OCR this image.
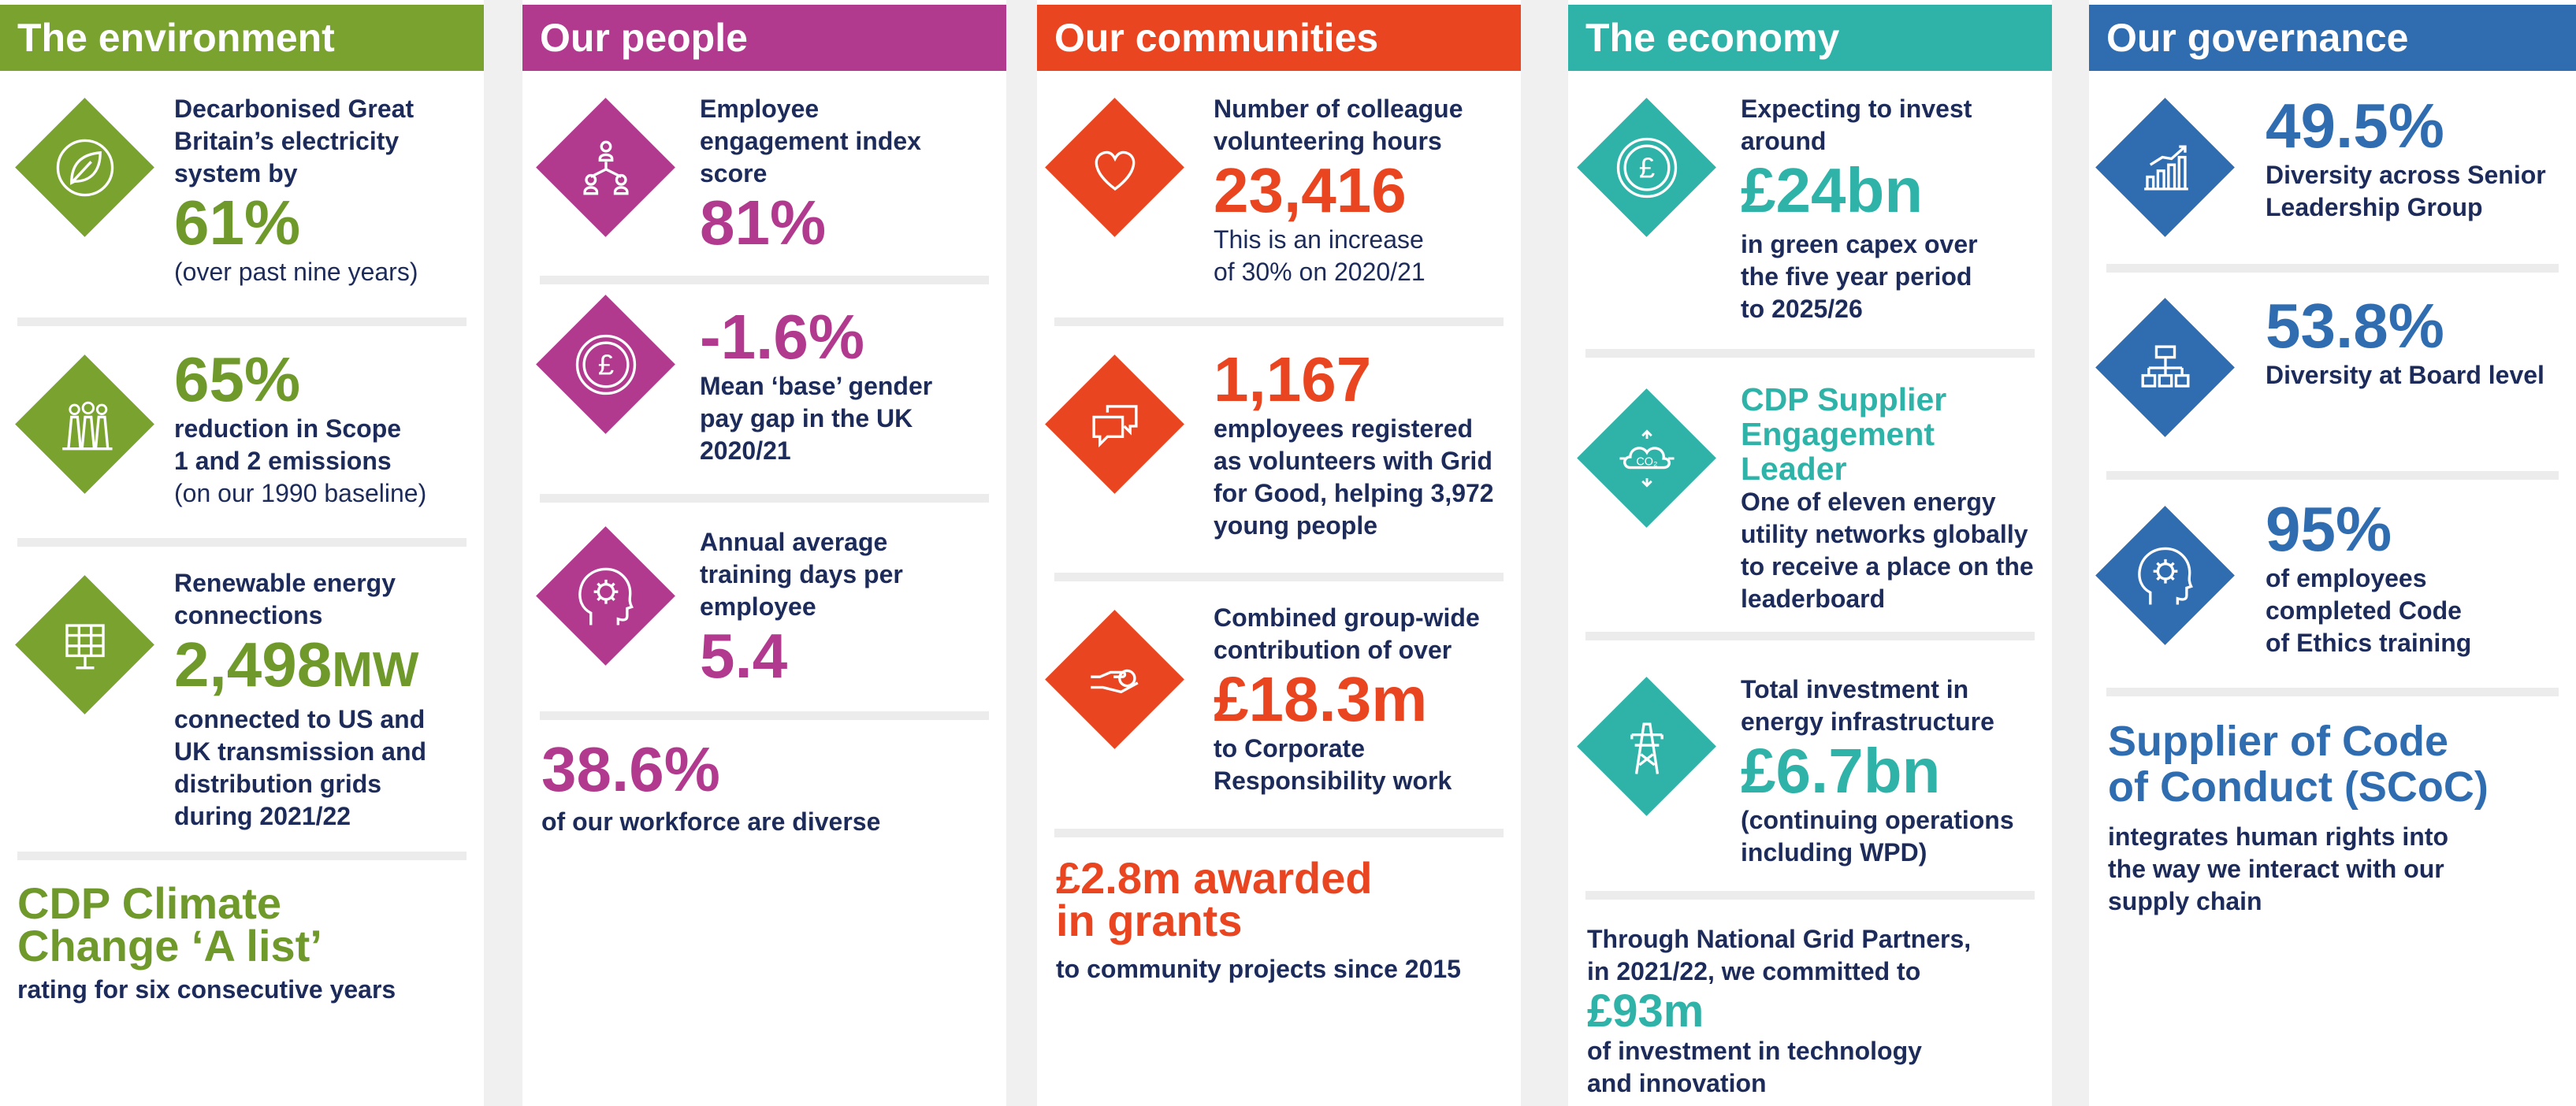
The environment
Decarbonised Great
Britain’s electricity
system by
61%
(over past nine years)
65%
reduction in Scope
1 and 2 emissions
(on our 1990 baseline)
Renewable energy
connections
2,498MW
connected to US and
UK transmission and
distribution grids
during 2021/22
CDP Climate
Change ‘A list’
rating for six consecutive years
Our people
Employee
engagement index
score
81%
-1.6%
Mean ‘base’ gender
pay gap in the UK
2020/21
Annual average
training days per
employee
5.4
38.6%
of our workforce are diverse
Our communities
Number of colleague
volunteering hours
23,416
This is an increase
of 30% on 2020/21
1,167
employees registered
as volunteers with Grid
for Good, helping 3,972
young people
Combined group-wide
contribution of over
£18.3m
to Corporate
Responsibility work
£2.8m awarded
in grants
to community projects since 2015
The economy
Expecting to invest
around
£24bn
in green capex over
the five year period
to 2025/26
CO₂
CDP Supplier
Engagement
Leader
One of eleven energy
utility networks globally
to receive a place on the
leaderboard
Total investment in
energy infrastructure
£6.7bn
(continuing operations
including WPD)
Through National Grid Partners,
in 2021/22, we committed to
£93m
of investment in technology
and innovation
Our governance
49.5%
Diversity across Senior
Leadership Group
53.8%
Diversity at Board level
95%
of employees
completed Code
of Ethics training
Supplier of Code
of Conduct (SCoC)
integrates human rights into
the way we interact with our
supply chain
